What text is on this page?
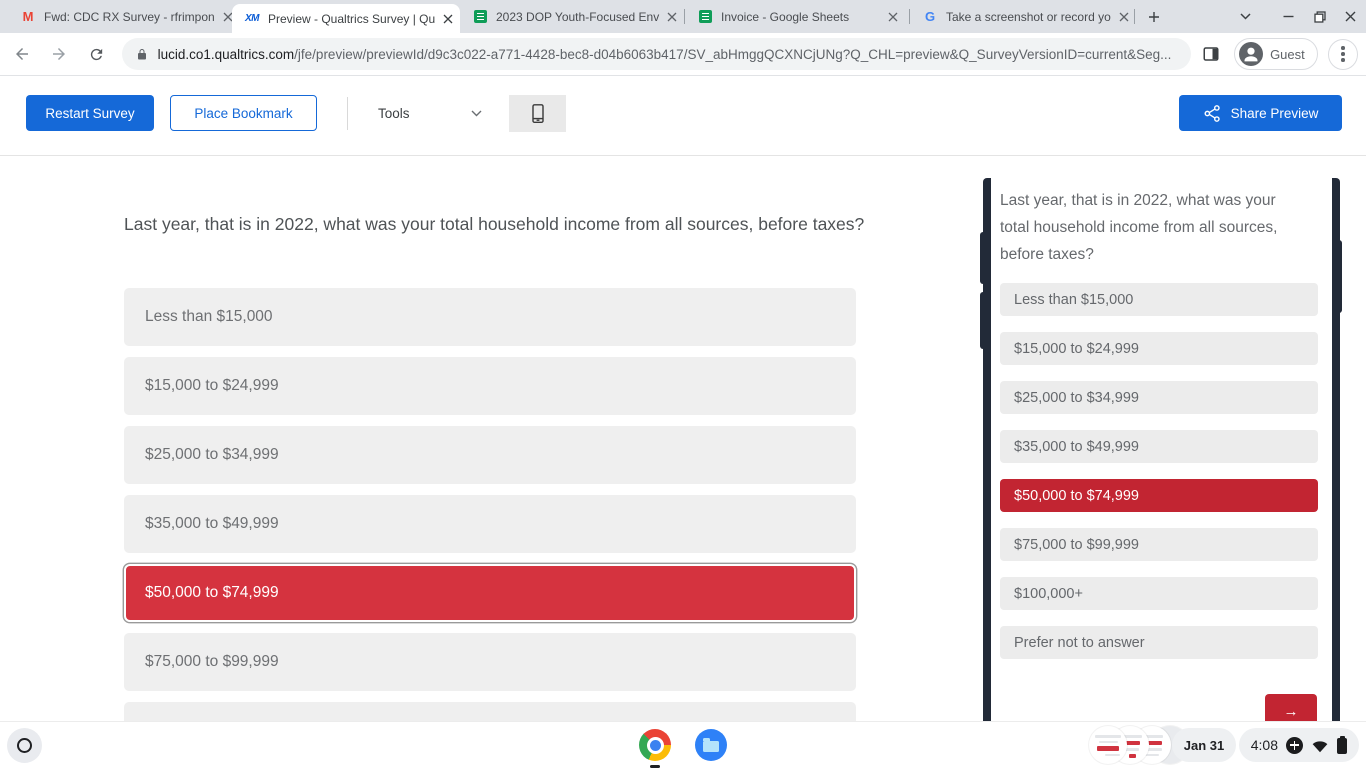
M Fwd: CDC RX Survey - rfrimpon	XM Preview - Qualtrics Survey | Qu	2023 DOP Youth-Focused Env	Invoice - Google Sheets	G Take a screenshot or record yo
lucid.co1.qualtrics.com/jfe/preview/previewId/d9c3c022-a771-4428-bec8-d04b6063b417/SV_abHmggQCXNCjUNg?Q_CHL=preview&Q_SurveyVersionID=current&Seg...	Guest
Restart Survey	Place Bookmark	Tools	Share Preview
Last year, that is in 2022, what was your total household income from all sources, before taxes?
Less than $15,000
$15,000 to $24,999
$25,000 to $34,999
$35,000 to $49,999
$50,000 to $74,999
$75,000 to $99,999
Last year, that is in 2022, what was your total household income from all sources, before taxes?
Less than $15,000
$15,000 to $24,999
$25,000 to $34,999
$35,000 to $49,999
$50,000 to $74,999
$75,000 to $99,999
$100,000+
Prefer not to answer
→
Jan 31	4:08
